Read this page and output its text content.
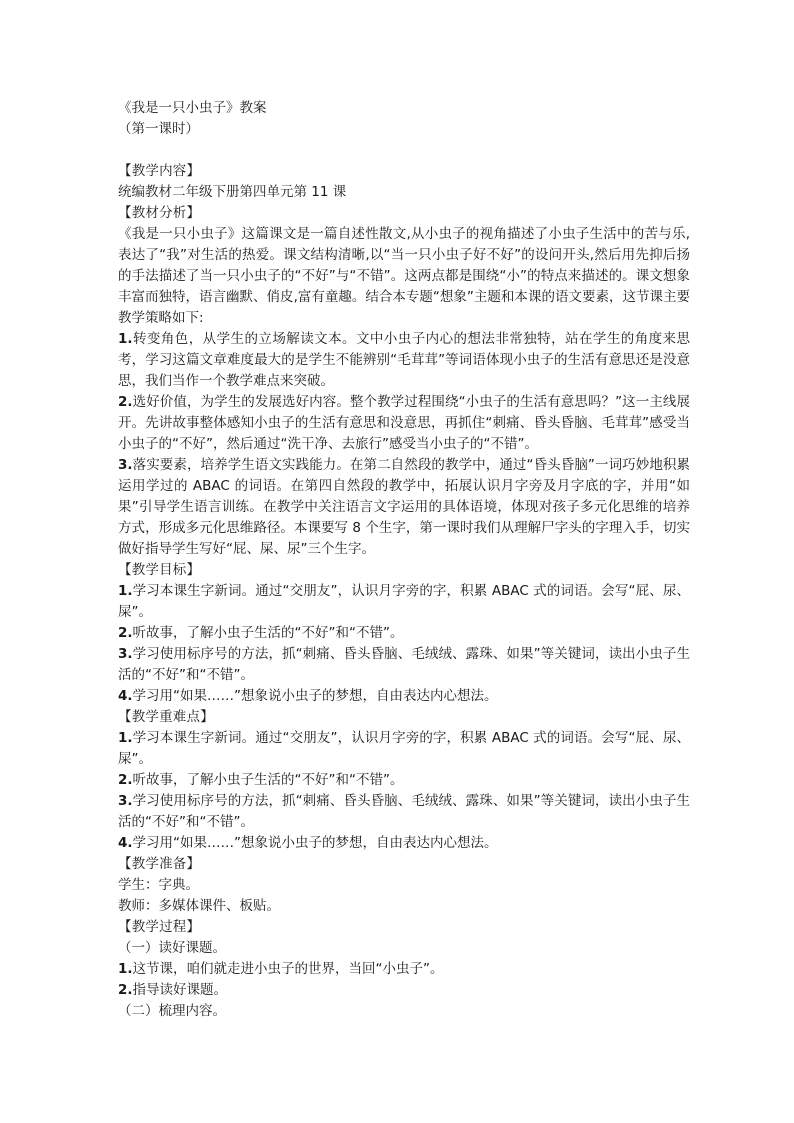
《我是一只小虫子》教案

（第一课时）

【教学内容】

统编教材二年级下册第四单元第 11 课

【教材分析】

《我是一只小虫子》这篇课文是一篇自述性散文,从小虫子的视角描述了小虫子生活中的苦与乐,表达了“我”对生活的热爱。课文结构清晰,以“当一只小虫子好不好”的设问开头,然后用先抑后扬的手法描述了当一只小虫子的“不好”与“不错”。这两点都是围绕“小”的特点来描述的。课文想象丰富而独特，语言幽默、俏皮,富有童趣。结合本专题“想象”主题和本课的语文要素，这节课主要教学策略如下:

1.转变角色，从学生的立场解读文本。文中小虫子内心的想法非常独特，站在学生的角度来思考，学习这篇文章难度最大的是学生不能辨别“毛茸茸”等词语体现小虫子的生活有意思还是没意思，我们当作一个教学难点来突破。

2.选好价值，为学生的发展选好内容。整个教学过程围绕“小虫子的生活有意思吗？”这一主线展开。先讲故事整体感知小虫子的生活有意思和没意思，再抓住“刺痛、昏头昏脑、毛茸茸”感受当小虫子的“不好”，然后通过“洗干净、去旅行”感受当小虫子的“不错”。

3.落实要素，培养学生语文实践能力。在第二自然段的教学中，通过“昏头昏脑”一词巧妙地积累运用学过的 ABAC 的词语。在第四自然段的教学中，拓展认识月字旁及月字底的字，并用“如果”引导学生语言训练。在教学中关注语言文字运用的具体语境，体现对孩子多元化思维的培养方式，形成多元化思维路径。本课要写 8 个生字，第一课时我们从理解尸字头的字理入手，切实做好指导学生写好“屁、屎、尿”三个生字。

【教学目标】

1.学习本课生字新词。通过“交朋友”，认识月字旁的字，积累 ABAC 式的词语。会写“屁、尿、屎”。

2.听故事，了解小虫子生活的“不好”和“不错”。

3.学习使用标序号的方法，抓“刺痛、昏头昏脑、毛绒绒、露珠、如果”等关键词，读出小虫子生活的“不好”和“不错”。

4.学习用“如果……”想象说小虫子的梦想，自由表达内心想法。

【教学重难点】

1.学习本课生字新词。通过“交朋友”，认识月字旁的字，积累 ABAC 式的词语。会写“屁、尿、屎”。

2.听故事，了解小虫子生活的“不好”和“不错”。

3.学习使用标序号的方法，抓“刺痛、昏头昏脑、毛绒绒、露珠、如果”等关键词，读出小虫子生活的“不好”和“不错”。

4.学习用“如果……”想象说小虫子的梦想，自由表达内心想法。

【教学准备】

学生：字典。

教师：多媒体课件、板贴。

【教学过程】

（一）读好课题。

1.这节课，咱们就走进小虫子的世界，当回“小虫子”。

2.指导读好课题。

（二）梳理内容。
